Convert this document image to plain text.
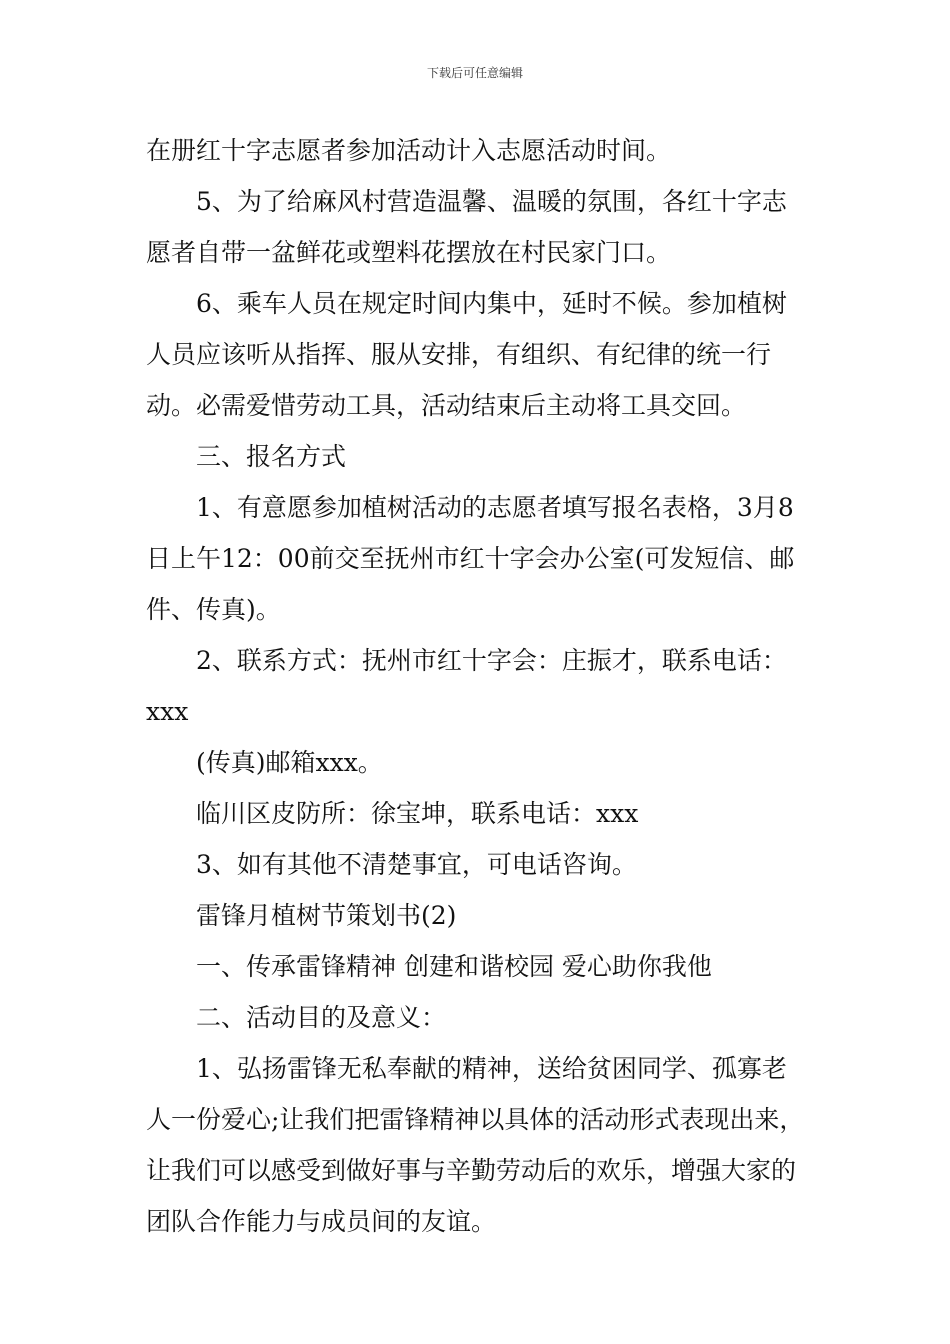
下载后可任意编辑

在册红十字志愿者参加活动计入志愿活动时间。

5、为了给麻风村营造温馨、温暖的氛围，各红十字志愿者自带一盆鲜花或塑料花摆放在村民家门口。

6、乘车人员在规定时间内集中，延时不候。参加植树人员应该听从指挥、服从安排，有组织、有纪律的统一行动。必需爱惜劳动工具，活动结束后主动将工具交回。

三、报名方式

1、有意愿参加植树活动的志愿者填写报名表格，3月8日上午12：00前交至抚州市红十字会办公室(可发短信、邮件、传真)。

2、联系方式：抚州市红十字会：庄振才，联系电话：

xxx

(传真)邮箱xxx。

临川区皮防所：徐宝坤，联系电话：xxx

3、如有其他不清楚事宜，可电话咨询。

雷锋月植树节策划书(2)

一、传承雷锋精神 创建和谐校园 爱心助你我他

二、活动目的及意义：

1、弘扬雷锋无私奉献的精神，送给贫困同学、孤寡老人一份爱心;让我们把雷锋精神以具体的活动形式表现出来，让我们可以感受到做好事与辛勤劳动后的欢乐，增强大家的团队合作能力与成员间的友谊。
